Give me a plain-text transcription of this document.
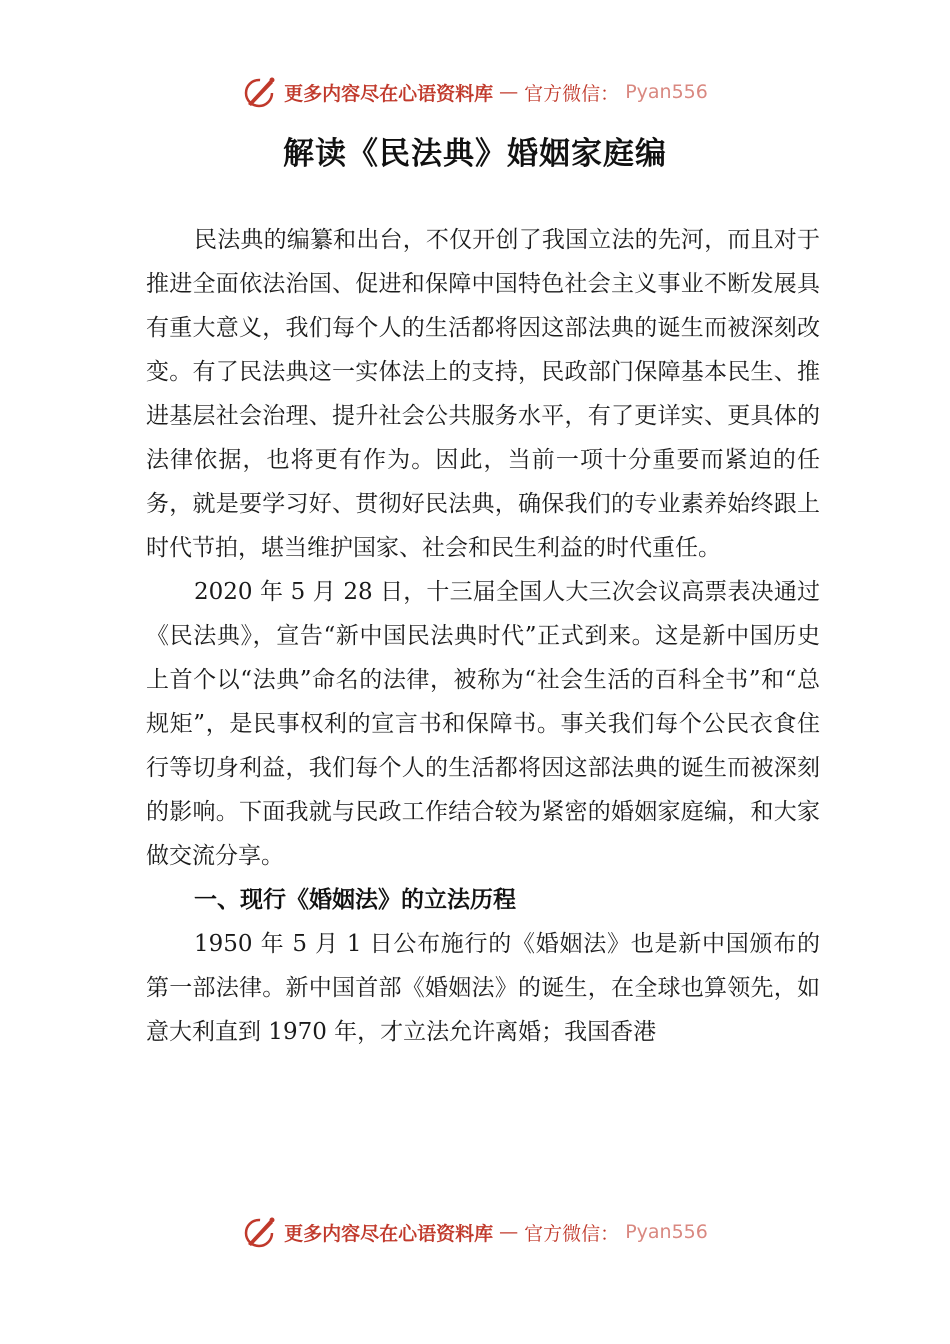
更多内容尽在心语资料库 — 官方微信： Pyan556
解读《民法典》婚姻家庭编

民法典的编纂和出台，不仅开创了我国立法的先河，而且对于推进全面依法治国、促进和保障中国特色社会主义事业不断发展具有重大意义，我们每个人的生活都将因这部法典的诞生而被深刻改变。有了民法典这一实体法上的支持，民政部门保障基本民生、推进基层社会治理、提升社会公共服务水平，有了更详实、更具体的法律依据，也将更有作为。因此，当前一项十分重要而紧迫的任务，就是要学习好、贯彻好民法典，确保我们的专业素养始终跟上时代节拍，堪当维护国家、社会和民生利益的时代重任。

2020 年 5 月 28 日，十三届全国人大三次会议高票表决通过《民法典》，宣告“新中国民法典时代”正式到来。这是新中国历史上首个以“法典”命名的法律，被称为“社会生活的百科全书”和“总规矩”，是民事权利的宣言书和保障书。事关我们每个公民衣食住行等切身利益，我们每个人的生活都将因这部法典的诞生而被深刻的影响。下面我就与民政工作结合较为紧密的婚姻家庭编，和大家做交流分享。

一、现行《婚姻法》的立法历程

1950 年 5 月 1 日公布施行的《婚姻法》也是新中国颁布的第一部法律。新中国首部《婚姻法》的诞生，在全球也算领先，如意大利直到 1970 年，才立法允许离婚；我国香港

更多内容尽在心语资料库 — 官方微信： Pyan556
